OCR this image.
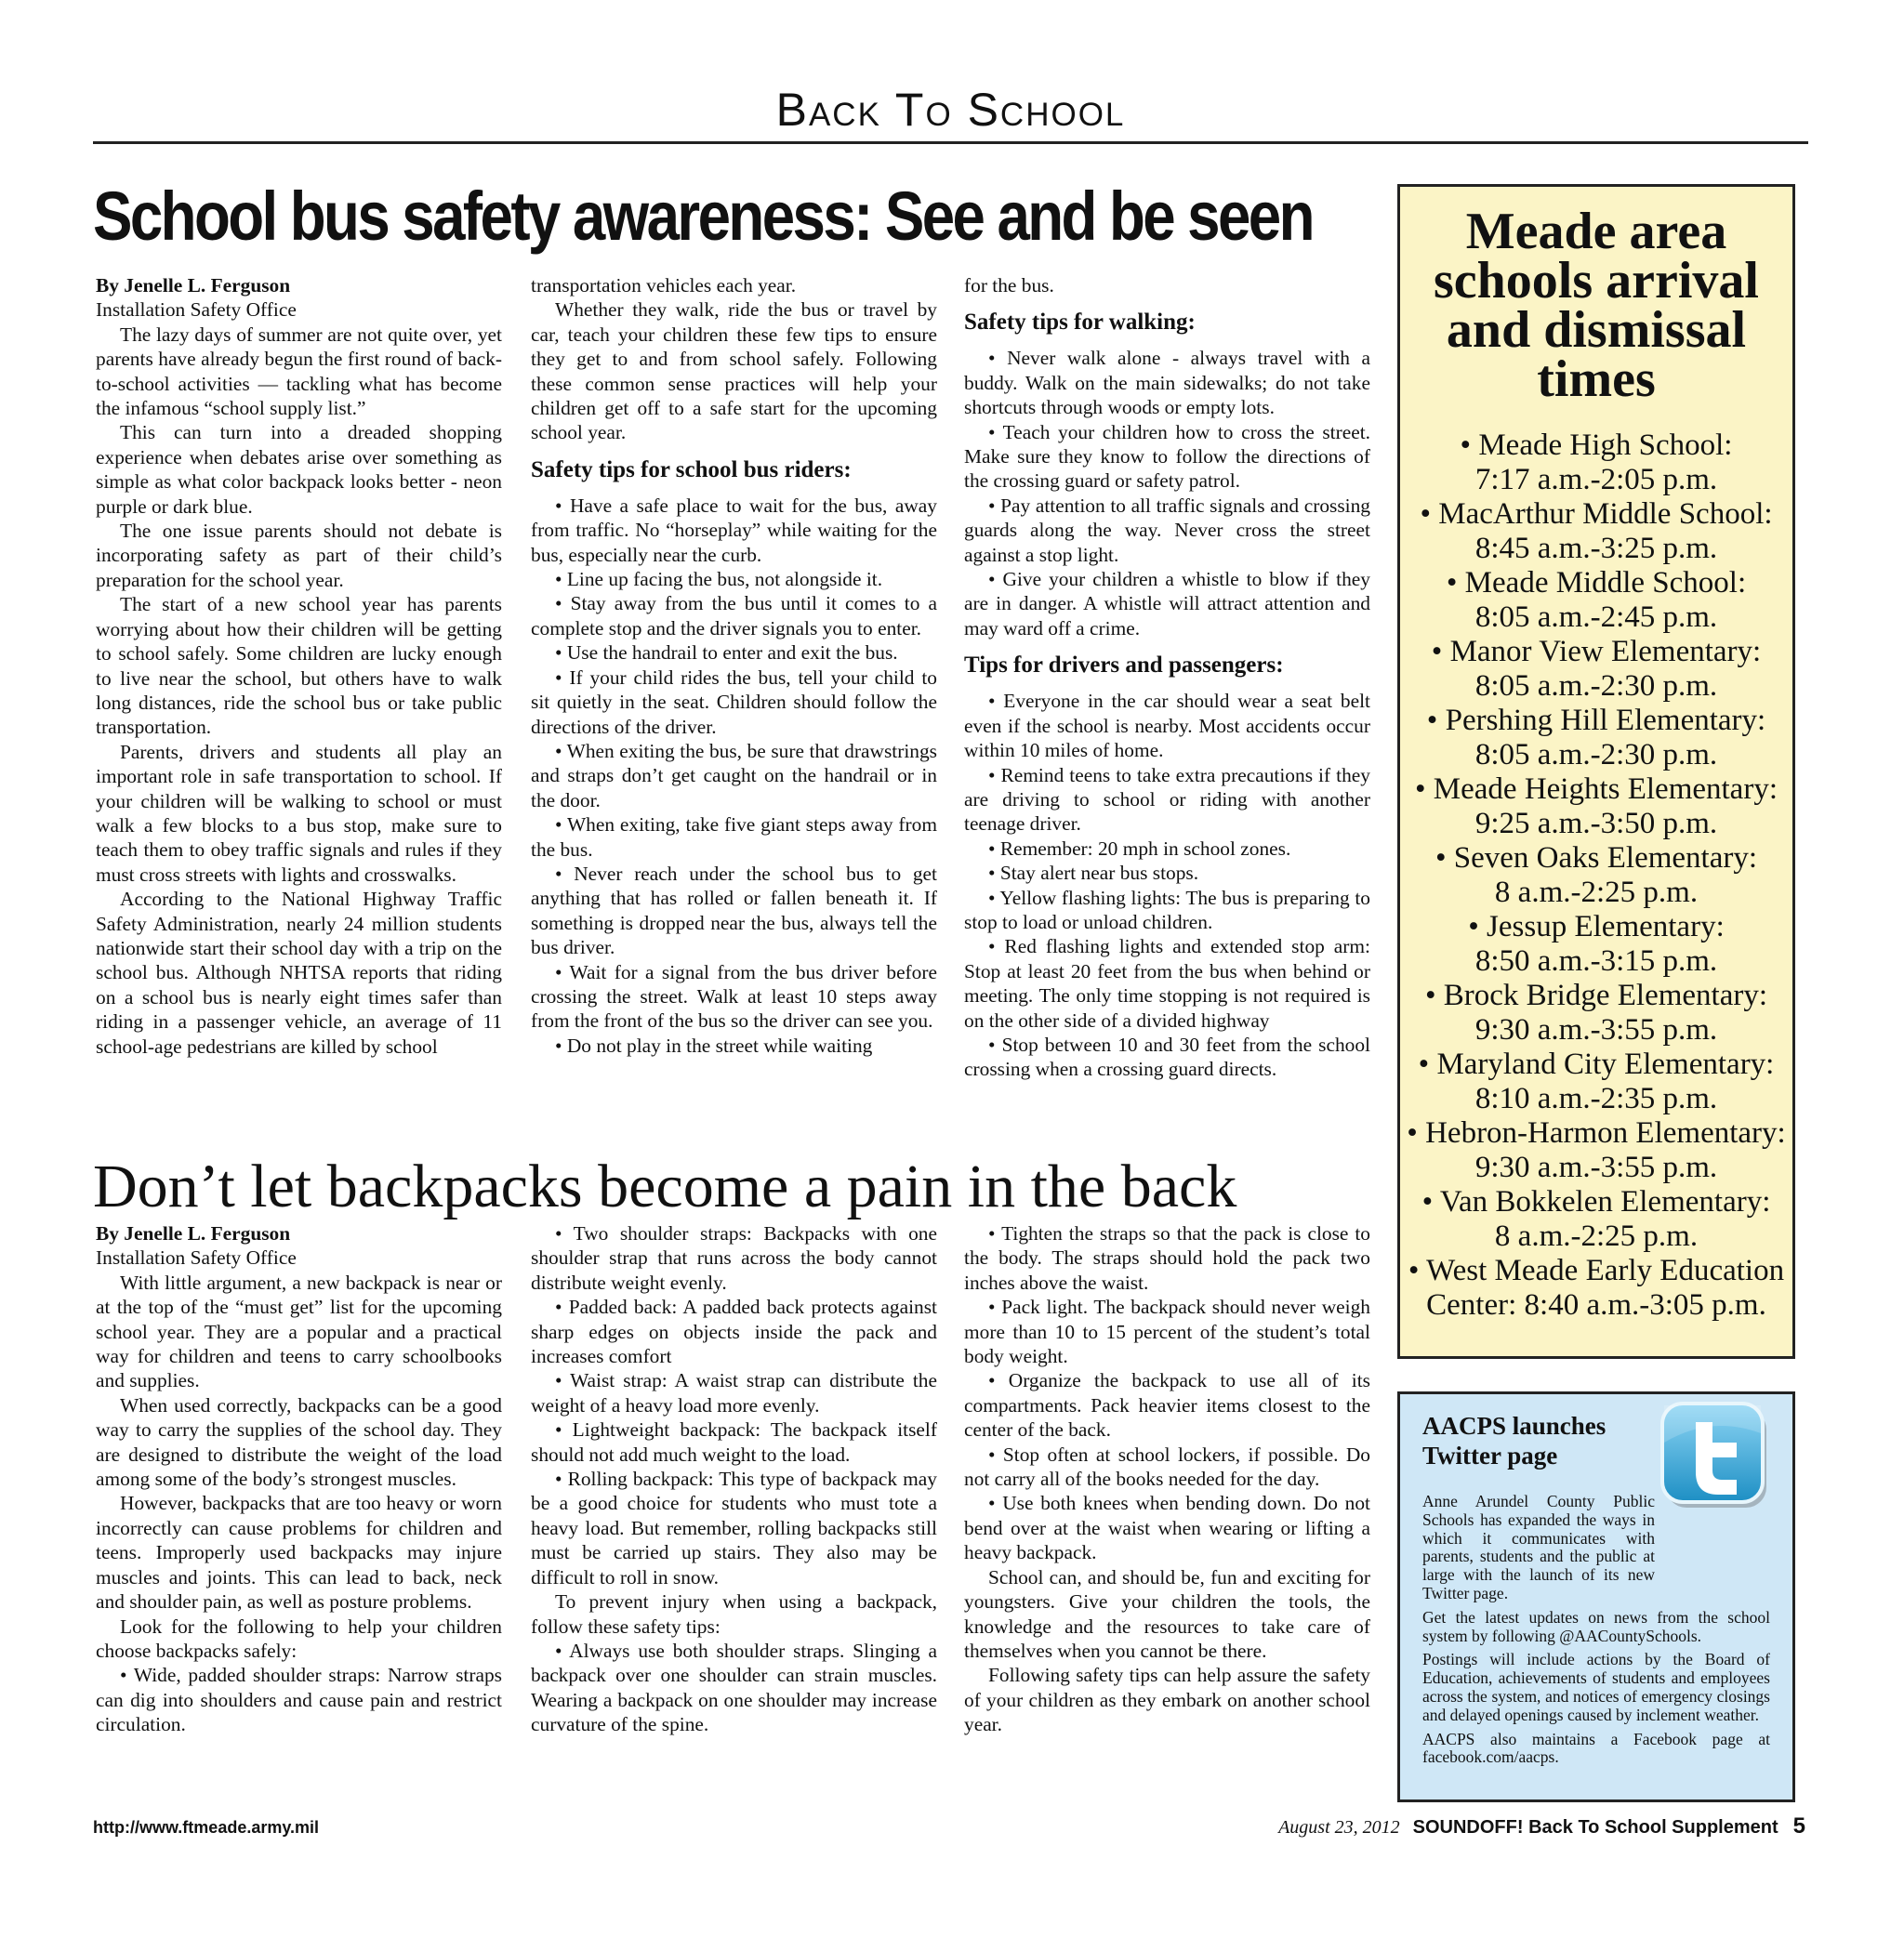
Back To School
School bus safety awareness: See and be seen

By Jenelle L. Ferguson

Installation Safety Office

The lazy days of summer are not quite over, yet parents have already begun the first round of back-to-school activities — tackling what has become the infamous “school supply list.”

This can turn into a dreaded shopping experience when debates arise over something as simple as what color backpack looks better - neon purple or dark blue.

The one issue parents should not debate is incorporating safety as part of their child’s preparation for the school year.

The start of a new school year has parents worrying about how their children will be getting to school safely. Some children are lucky enough to live near the school, but others have to walk long distances, ride the school bus or take public transportation.

Parents, drivers and students all play an important role in safe transportation to school. If your children will be walking to school or must walk a few blocks to a bus stop, make sure to teach them to obey traffic signals and rules if they must cross streets with lights and crosswalks.

According to the National Highway Traffic Safety Administration, nearly 24 million students nationwide start their school day with a trip on the school bus. Although NHTSA reports that riding on a school bus is nearly eight times safer than riding in a passenger vehicle, an average of 11 school-age pedestrians are killed by school

transportation vehicles each year.

Whether they walk, ride the bus or travel by car, teach your children these few tips to ensure they get to and from school safely. Following these common sense practices will help your children get off to a safe start for the upcoming school year.

Safety tips for school bus riders:

• Have a safe place to wait for the bus, away from traffic. No “horseplay” while waiting for the bus, especially near the curb.

• Line up facing the bus, not alongside it.

• Stay away from the bus until it comes to a complete stop and the driver signals you to enter.

• Use the handrail to enter and exit the bus.

• If your child rides the bus, tell your child to sit quietly in the seat. Children should follow the directions of the driver.

• When exiting the bus, be sure that drawstrings and straps don’t get caught on the handrail or in the door.

• When exiting, take five giant steps away from the bus.

• Never reach under the school bus to get anything that has rolled or fallen beneath it. If something is dropped near the bus, always tell the bus driver.

• Wait for a signal from the bus driver before crossing the street. Walk at least 10 steps away from the front of the bus so the driver can see you.

• Do not play in the street while waiting

for the bus.

Safety tips for walking:

• Never walk alone - always travel with a buddy. Walk on the main sidewalks; do not take shortcuts through woods or empty lots.

• Teach your children how to cross the street. Make sure they know to follow the directions of the crossing guard or safety patrol.

• Pay attention to all traffic signals and crossing guards along the way. Never cross the street against a stop light.

• Give your children a whistle to blow if they are in danger. A whistle will attract attention and may ward off a crime.

Tips for drivers and passengers:

• Everyone in the car should wear a seat belt even if the school is nearby. Most accidents occur within 10 miles of home.

• Remind teens to take extra precautions if they are driving to school or riding with another teenage driver.

• Remember: 20 mph in school zones.

• Stay alert near bus stops.

• Yellow flashing lights: The bus is preparing to stop to load or unload children.

• Red flashing lights and extended stop arm: Stop at least 20 feet from the bus when behind or meeting. The only time stopping is not required is on the other side of a divided highway

• Stop between 10 and 30 feet from the school crossing when a crossing guard directs.

Don’t let backpacks become a pain in the back

By Jenelle L. Ferguson

Installation Safety Office

With little argument, a new backpack is near or at the top of the “must get” list for the upcoming school year. They are a popular and a practical way for children and teens to carry schoolbooks and supplies.

When used correctly, backpacks can be a good way to carry the supplies of the school day. They are designed to distribute the weight of the load among some of the body’s strongest muscles.

However, backpacks that are too heavy or worn incorrectly can cause problems for children and teens. Improperly used backpacks may injure muscles and joints. This can lead to back, neck and shoulder pain, as well as posture problems.

Look for the following to help your children choose backpacks safely:

• Wide, padded shoulder straps: Narrow straps can dig into shoulders and cause pain and restrict circulation.

• Two shoulder straps: Backpacks with one shoulder strap that runs across the body cannot distribute weight evenly.

• Padded back: A padded back protects against sharp edges on objects inside the pack and increases comfort

• Waist strap: A waist strap can distribute the weight of a heavy load more evenly.

• Lightweight backpack: The backpack itself should not add much weight to the load.

• Rolling backpack: This type of backpack may be a good choice for students who must tote a heavy load. But remember, rolling backpacks still must be carried up stairs. They also may be difficult to roll in snow.

To prevent injury when using a backpack, follow these safety tips:

• Always use both shoulder straps. Slinging a backpack over one shoulder can strain muscles. Wearing a backpack on one shoulder may increase curvature of the spine.

• Tighten the straps so that the pack is close to the body. The straps should hold the pack two inches above the waist.

• Pack light. The backpack should never weigh more than 10 to 15 percent of the student’s total body weight.

• Organize the backpack to use all of its compartments. Pack heavier items closest to the center of the back.

• Stop often at school lockers, if possible. Do not carry all of the books needed for the day.

• Use both knees when bending down. Do not bend over at the waist when wearing or lifting a heavy backpack.

School can, and should be, fun and exciting for youngsters. Give your children the tools, the knowledge and the resources to take care of themselves when you cannot be there.

Following safety tips can help assure the safety of your children as they embark on another school year.

Meade area schools arrival and dismissal times
• Meade High School:
7:17 a.m.-2:05 p.m.
• MacArthur Middle School:
8:45 a.m.-3:25 p.m.
• Meade Middle School:
8:05 a.m.-2:45 p.m.
• Manor View Elementary:
8:05 a.m.-2:30 p.m.
• Pershing Hill Elementary:
8:05 a.m.-2:30 p.m.
• Meade Heights Elementary:
9:25 a.m.-3:50 p.m.
• Seven Oaks Elementary:
8 a.m.-2:25 p.m.
• Jessup Elementary:
8:50 a.m.-3:15 p.m.
• Brock Bridge Elementary:
9:30 a.m.-3:55 p.m.
• Maryland City Elementary:
8:10 a.m.-2:35 p.m.
• Hebron-Harmon Elementary:
9:30 a.m.-3:55 p.m.
• Van Bokkelen Elementary:
8 a.m.-2:25 p.m.
• West Meade Early Education
Center: 8:40 a.m.-3:05 p.m.
AACPS launches Twitter page

Anne Arundel County Public Schools has expanded the ways in which it communicates with parents, students and the public at large with the launch of its new Twitter page.

Get the latest updates on news from the school system by following @AACountySchools.

Postings will include actions by the Board of Education, achievements of students and employees across the system, and notices of emergency closings and delayed openings caused by inclement weather.

AACPS also maintains a Facebook page at facebook.com/aacps.

http://www.ftmeade.army.mil	August 23, 2012 SOUNDOFF! Back To School Supplement 5
